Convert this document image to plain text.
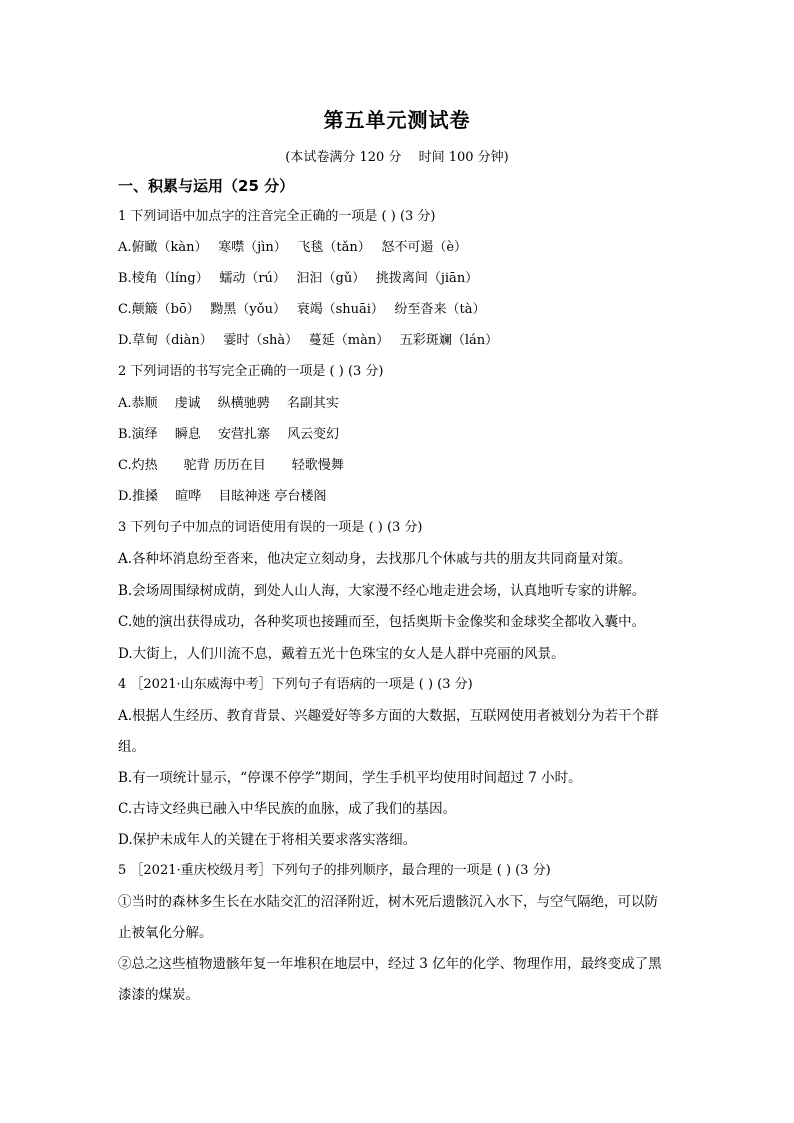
第五单元测试卷
(本试卷满分 120 分　 时间 100 分钟)
一、积累与运用（25 分）
1 下列词语中加点字的注音完全正确的一项是 ( ) (3 分)
A.俯瞰（kàn）　 寒噤（jìn）　 飞毯（tǎn）　 怒不可遏（è）
B.棱角（líng）　 蠕动（rú）　 汩汩（gǔ）　 挑拨离间（jiān）
C.颠簸（bō）　 黝黑（yǒu）　 衰竭（shuāi）　 纷至沓来（tà）
D.草甸（diàn）　 霎时（shà）　 蔓延（màn）　 五彩斑斓（lán）
2 下列词语的书写完全正确的一项是 ( ) (3 分)
A.恭顺　 虔诚　 纵横驰骋　 名副其实
B.演绎　 瞬息　 安营扎寨　 风云变幻
C.灼热　　驼背 历历在目　　轻歌慢舞
D.推搡　 暄哗　 目眩神迷 亭台楼阁
3 下列句子中加点的词语使用有误的一项是 ( ) (3 分)
A.各种坏消息纷至沓来，他决定立刻动身，去找那几个休戚与共的朋友共同商量对策。
B.会场周围绿树成荫，到处人山人海，大家漫不经心地走进会场，认真地听专家的讲解。
C.她的演出获得成功，各种奖项也接踵而至，包括奥斯卡金像奖和金球奖全都收入囊中。
D.大街上，人们川流不息，戴着五光十色珠宝的女人是人群中亮丽的风景。
4 ［2021·山东威海中考］下列句子有语病的一项是 ( ) (3 分)
A.根据人生经历、教育背景、兴趣爱好等多方面的大数据，互联网使用者被划分为若干个群
组。
B.有一项统计显示，“停课不停学”期间，学生手机平均使用时间超过 7 小时。
C.古诗文经典已融入中华民族的血脉，成了我们的基因。
D.保护未成年人的关键在于将相关要求落实落细。
5 ［2021·重庆校级月考］下列句子的排列顺序，最合理的一项是 ( ) (3 分)
①当时的森林多生长在水陆交汇的沼泽附近，树木死后遗骸沉入水下，与空气隔绝，可以防
止被氧化分解。
②总之这些植物遗骸年复一年堆积在地层中，经过 3 亿年的化学、物理作用，最终变成了黑
漆漆的煤炭。
